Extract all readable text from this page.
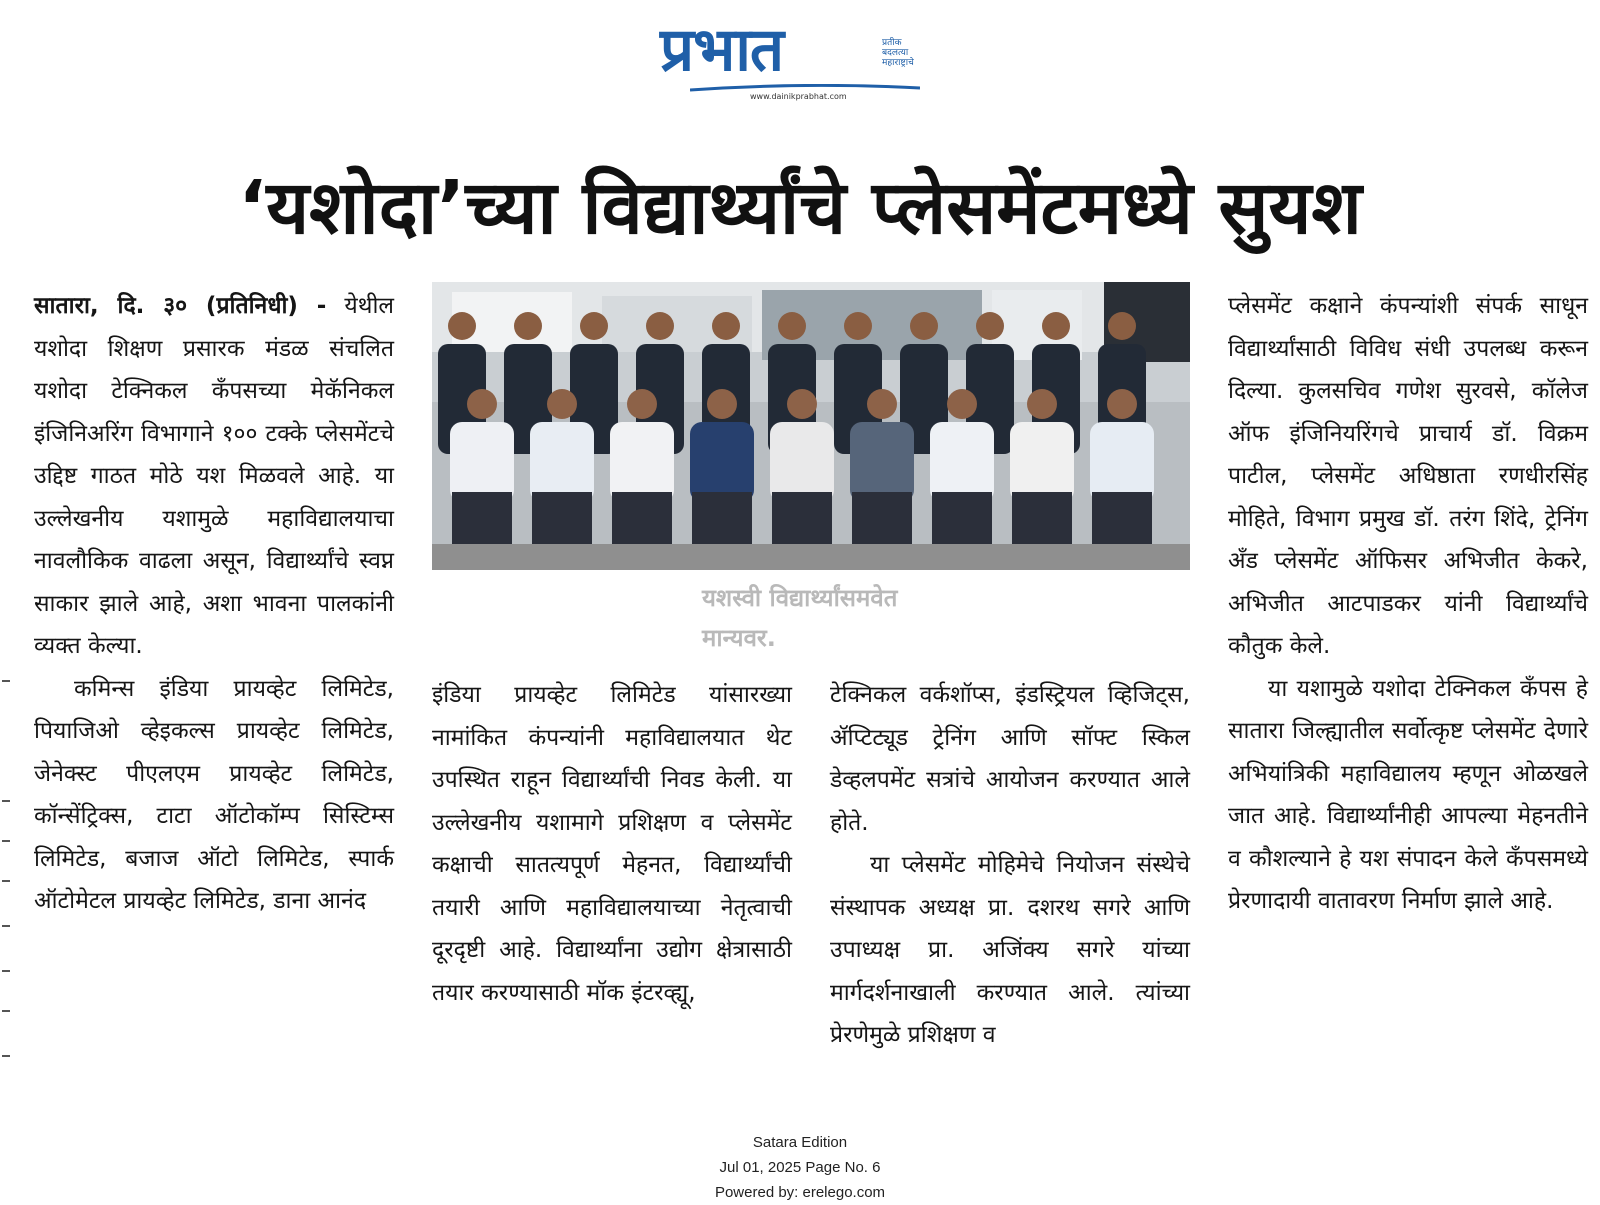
प्रभात	प्रतीक
बदलत्या
महाराष्ट्राचे
www.dainikprabhat.com
‘यशोदा’च्या विद्यार्थ्यांचे प्लेसमेंटमध्ये सुयश

सातारा, दि. ३० (प्रतिनिधी) - येथील यशोदा शिक्षण प्रसारक मंडळ संचलित यशोदा टेक्निकल कँपसच्या मेकॅनिकल इंजिनिअरिंग विभागाने १०० टक्के प्लेसमेंटचे उद्दिष्ट गाठत मोठे यश मिळवले आहे. या उल्लेखनीय यशामुळे महाविद्यालयाचा नावलौकिक वाढला असून, विद्यार्थ्यांचे स्वप्न साकार झाले आहे, अशा भावना पालकांनी व्यक्त केल्या.

कमिन्स इंडिया प्रायव्हेट लिमिटेड, पियाजिओ व्हेइकल्स प्रायव्हेट लिमिटेड, जेनेक्स्ट पीएलएम प्रायव्हेट लिमिटेड, कॉन्सेंट्रिक्स, टाटा ऑटोकॉम्प सिस्टिम्स लिमिटेड, बजाज ऑटो लिमिटेड, स्पार्क ऑटोमेटल प्रायव्हेट लिमिटेड, डाना आनंद

यशस्वी विद्यार्थ्यांसमवेत
मान्यवर.

इंडिया प्रायव्हेट लिमिटेड यांसारख्या नामांकित कंपन्यांनी महाविद्यालयात थेट उपस्थित राहून विद्यार्थ्यांची निवड केली. या उल्लेखनीय यशामागे प्रशिक्षण व प्लेसमेंट कक्षाची सातत्यपूर्ण मेहनत, विद्यार्थ्यांची तयारी आणि महाविद्यालयाच्या नेतृत्वाची दूरदृष्टी आहे. विद्यार्थ्यांना उद्योग क्षेत्रासाठी तयार करण्यासाठी मॉक इंटरव्ह्यू,

टेक्निकल वर्कशॉप्स, इंडस्ट्रियल व्हिजिट्स, ॲप्टिट्यूड ट्रेनिंग आणि सॉफ्ट स्किल डेव्हलपमेंट सत्रांचे आयोजन करण्यात आले होते.

या प्लेसमेंट मोहिमेचे नियोजन संस्थेचे संस्थापक अध्यक्ष प्रा. दशरथ सगरे आणि उपाध्यक्ष प्रा. अजिंक्य सगरे यांच्या मार्गदर्शनाखाली करण्यात आले. त्यांच्या प्रेरणेमुळे प्रशिक्षण व

प्लेसमेंट कक्षाने कंपन्यांशी संपर्क साधून विद्यार्थ्यांसाठी विविध संधी उपलब्ध करून दिल्या. कुलसचिव गणेश सुरवसे, कॉलेज ऑफ इंजिनियरिंगचे प्राचार्य डॉ. विक्रम पाटील, प्लेसमेंट अधिष्ठाता रणधीरसिंह मोहिते, विभाग प्रमुख डॉ. तरंग शिंदे, ट्रेनिंग अँड प्लेसमेंट ऑफिसर अभिजीत केकरे, अभिजीत आटपाडकर यांनी विद्यार्थ्यांचे कौतुक केले.

या यशामुळे यशोदा टेक्निकल कँपस हे सातारा जिल्ह्यातील सर्वोत्कृष्ट प्लेसमेंट देणारे अभियांत्रिकी महाविद्यालय म्हणून ओळखले जात आहे. विद्यार्थ्यांनीही आपल्या मेहनतीने व कौशल्याने हे यश संपादन केले कँपसमध्ये प्रेरणादायी वातावरण निर्माण झाले आहे.

Satara Edition
Jul 01, 2025 Page No. 6
Powered by: erelego.com
